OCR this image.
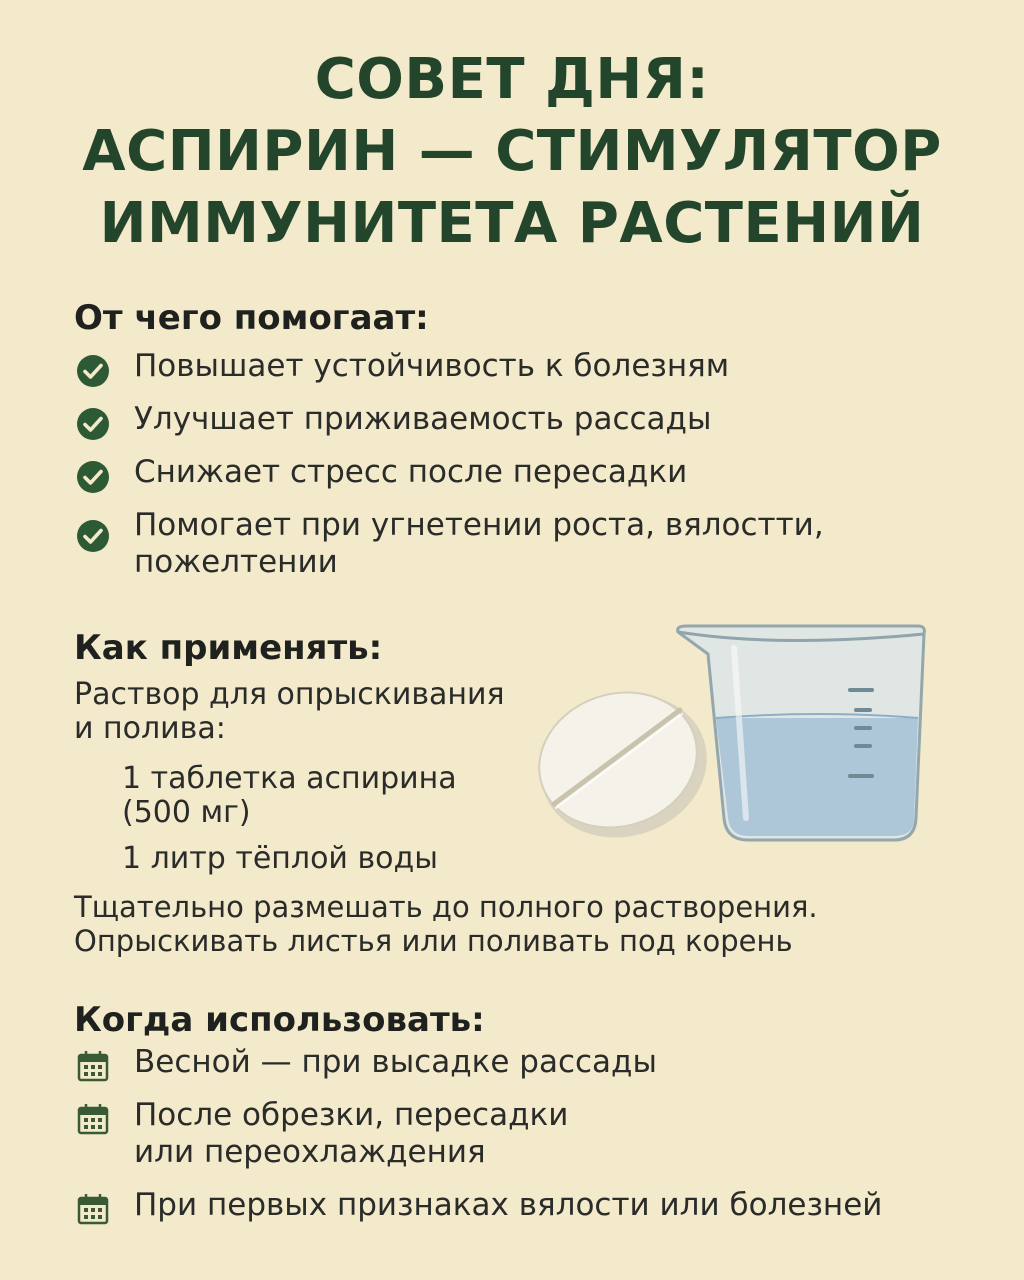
СОВЕТ ДНЯ:
АСПИРИН — СТИМУЛЯТОР
ИММУНИТЕТА РАСТЕНИЙ
От чего помогаат:
Повышает устойчивость к болезням
Улучшает приживаемость рассады
Снижает стресс после пересадки
Помогает при угнетении роста, вялостти,
пожелтении
Как применять:
Раствор для опрыскивания
и полива:
1 таблетка аспирина
(500 мг)
1 литр тёплой воды
Тщательно размешать до полного растворения.
Опрыскивать листья или поливать под корень
Когда использовать:
Весной — при высадке рассады
После обрезки, пересадки
или переохлаждения
При первых признаках вялости или болезней
